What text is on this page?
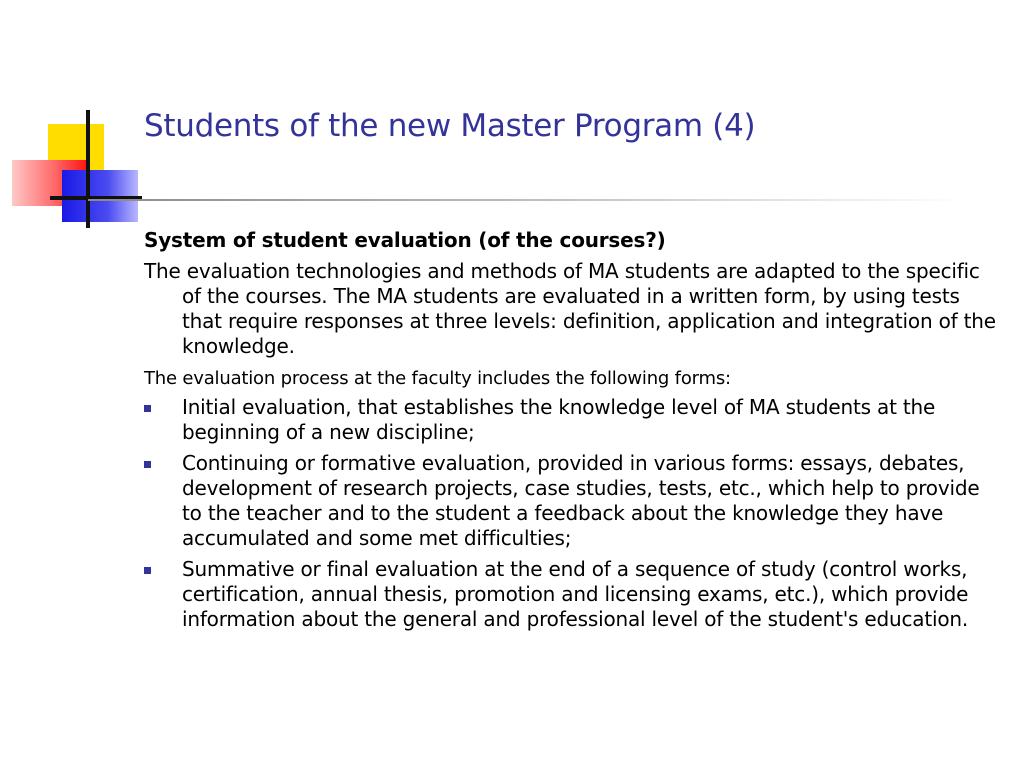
Students of the new Master Program (4)

System of student evaluation (of the courses?)

The evaluation technologies and methods of MA students are adapted to the specific of the courses. The MA students are evaluated in a written form, by using tests that require responses at three levels: definition, application and integration of the knowledge.

The evaluation process at the faculty includes the following forms:

Initial evaluation, that establishes the knowledge level of MA students at the beginning of a new discipline;
Continuing or formative evaluation, provided in various forms: essays, debates, development of research projects, case studies, tests, etc., which help to provide to the teacher and to the student a feedback about the knowledge they have accumulated and some met difficulties;
Summative or final evaluation at the end of a sequence of study (control works, certification, annual thesis, promotion and licensing exams, etc.), which provide information about the general and professional level of the student's education.
